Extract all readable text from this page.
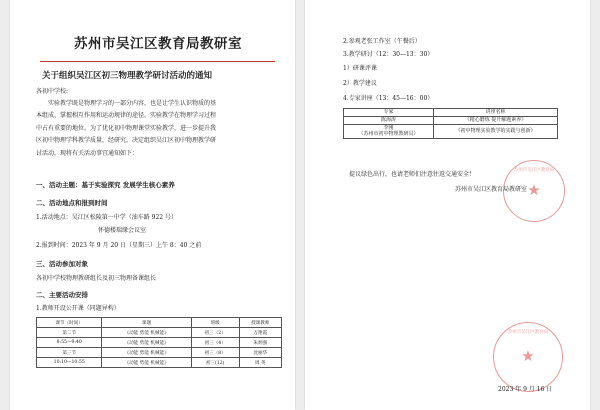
苏州市吴江区教育局教研室
关于组织吴江区初三物理教学研讨活动的通知
各初中学校:
实验教学既是物理学习的一部分内容，也是让学生认识物质的基
本组成、掌握相互作用和运动规律的途径。实验教学在物理学习过程
中占有重要的地位。为了优化初中物理课堂实验教学，进一步提升我
区初中物理学科教学质量，经研究，决定组织吴江区初中物理教学研
讨活动，现将有关活动事宜通知如下：
一、活动主题：基于实验探究 发展学生核心素养
二、活动地点和报到时间
1.活动地点：吴江区松陵第一中学（油车路 922 号）
怀德楼瑞缘会议室
2.报到时间：2023 年 9 月 20 日（星期三）上午 8：40 之前
三、活动参加对象
各初中学校物理教研组长及初三物理备课组长
二、主要活动安排
1.教师开设公开课（同题异构）
课节（时间）	课题	班级	授课教师
第二节	《动能 势能 机械能》	初三（2）	万艳霞
8:55—9:40	《动能 势能 机械能》	初三（4）	朱炳强
第三节	《动能 势能 机械能》	初三（8）	沈丽华
10:10—10:55	《动能 势能 机械能》	初三(12)	周 英
2.参观老张工作室（午餐后）
3.教学研讨（12：30—13：30）
1）研课评课
2）教学建议
4.专家讲座（13：45—16：00）
专家	讲座名称
陈海涛	《精心磨炼 提升解题素养》

李刚
（苏州市初中物理教研员）	《初中物理实验教学的实践与创新》
提议绿色出行，也请老师们注意往返交通安全！
苏州市吴江区教育局
★
苏州市吴江区教育局教研室
苏州市吴江区教育局
★
2023 年 9 月 16 日
